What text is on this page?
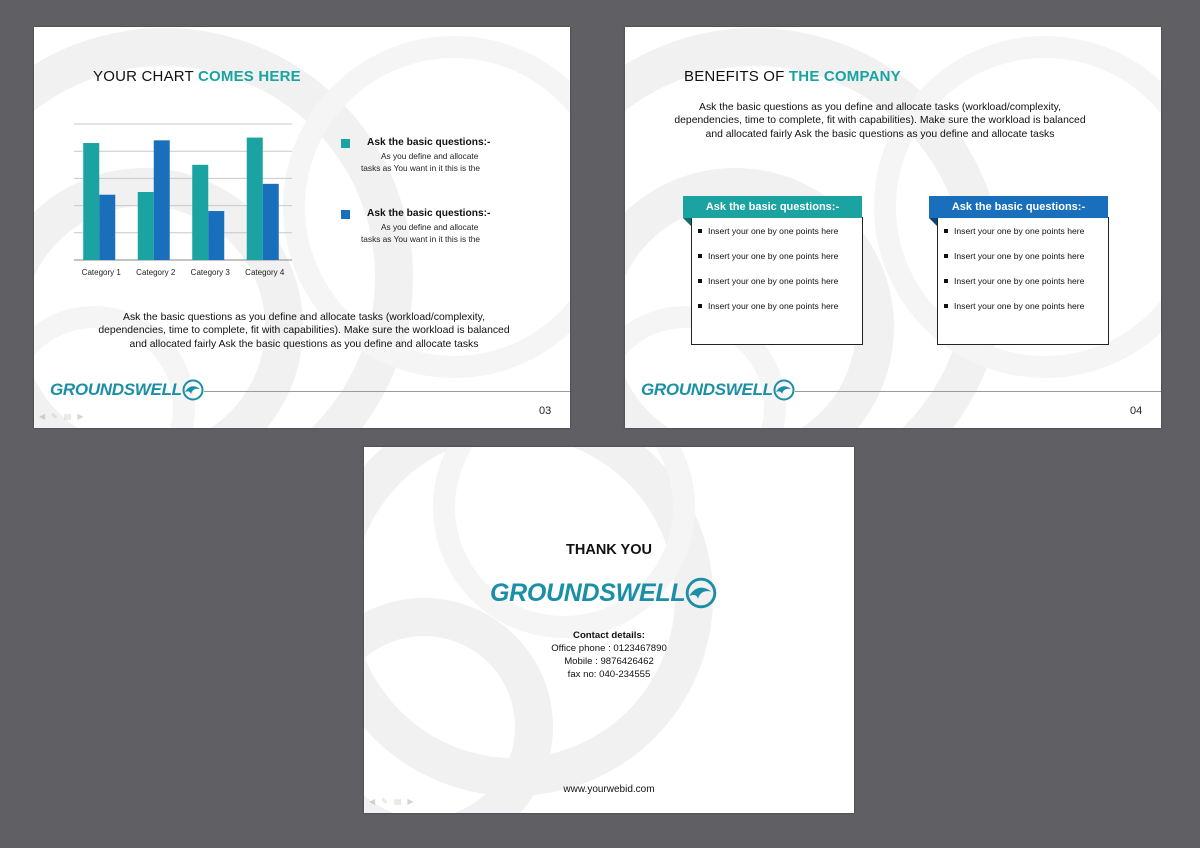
YOUR CHART COMES HERE
Category 1 Category 2 Category 3 Category 4
Ask the basic questions:-
As you define and allocate
tasks as You want in it this is the
Ask the basic questions:-
As you define and allocate
tasks as You want in it this is the
Ask the basic questions as you define and allocate tasks (workload/complexity, dependencies, time to complete, fit with capabilities). Make sure the workload is balanced and allocated fairly Ask the basic questions as you define and allocate tasks
GROUNDSWELL
03
◀ ✎ ▤ ▶
BENEFITS OF THE COMPANY
Ask the basic questions as you define and allocate tasks (workload/complexity, dependencies, time to complete, fit with capabilities). Make sure the workload is balanced and allocated fairly Ask the basic questions as you define and allocate tasks
Insert your one by one points here
Insert your one by one points here
Insert your one by one points here
Insert your one by one points here
Ask the basic questions:-
Insert your one by one points here
Insert your one by one points here
Insert your one by one points here
Insert your one by one points here
Ask the basic questions:-
GROUNDSWELL
04
THANK YOU
GROUNDSWELL
Contact details:
Office phone : 0123467890
Mobile : 9876426462
fax no: 040-234555
www.yourwebid.com
◀ ✎ ▤ ▶
